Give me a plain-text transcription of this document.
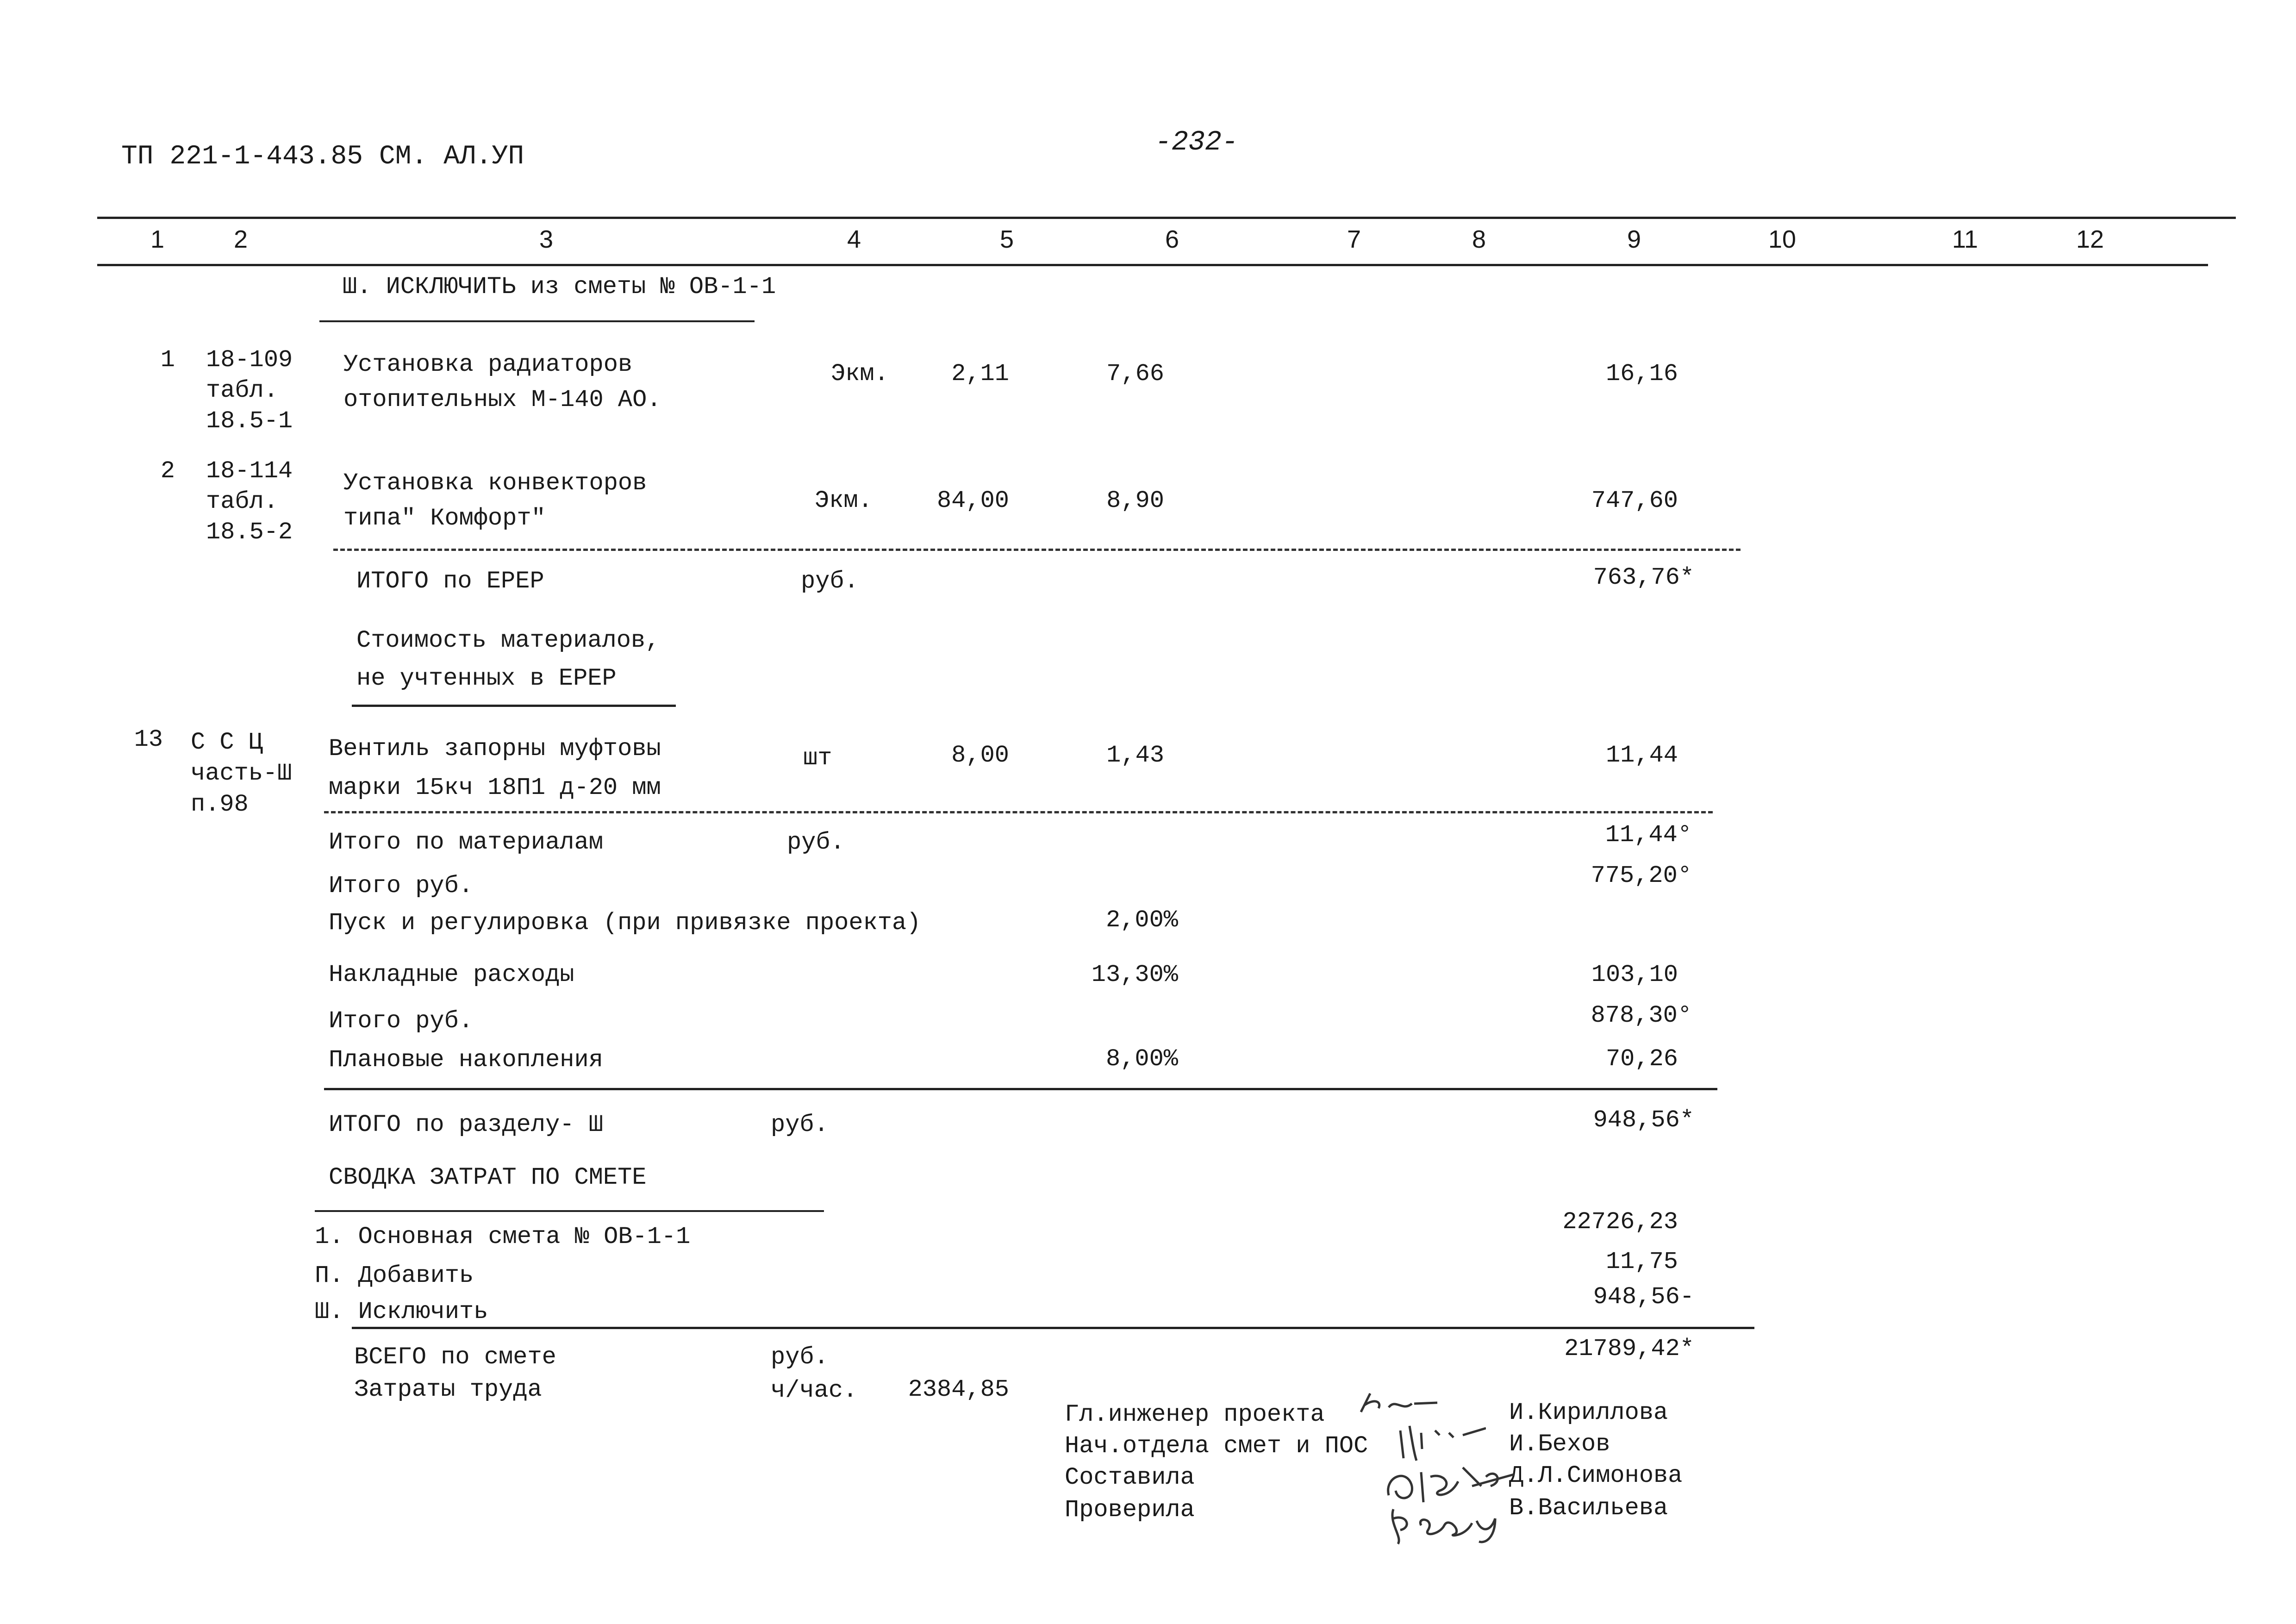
ТП 221-1-443.85 СМ. АЛ.УП	-232-
1	2	3	4	5	6	7	8	9	10	11	12
Ш. ИСКЛЮЧИТЬ из сметы № ОВ-1-1
1 18-109
табл.
18.5-1
Установка радиаторов
отопительных М-140 АО.
Экм.	2,11	7,66	16,16
2 18-114
табл.
18.5-2
Установка конвекторов
типа" Комфорт"
Экм.	84,00	8,90	747,60
ИТОГО по ЕРЕР	руб.	763,76*
Стоимость материалов,
не учтенных в ЕРЕР
13 С С Ц
часть-Ш
п.98
Вентиль запорны муфтовы
марки 15кч 18П1 д-20 мм
шт	8,00	1,43	11,44
Итого по материалам	руб.	11,44°
Итого руб.	775,20°
Пуск и регулировка (при привязке проекта)	2,00%
Накладные расходы	13,30%	103,10
Итого руб.	878,30°
Плановые накопления	8,00%	70,26
ИТОГО по разделу- Ш	руб.	948,56*
СВОДКА ЗАТРАТ ПО СМЕТЕ
1. Основная смета № ОВ-1-1
22726,23
П. Добавить
11,75
Ш. Исключить
948,56-
ВСЕГО по смете	руб.	21789,42*
Затраты труда	ч/час. 2384,85
Гл.инженер проекта	И.Кириллова
Нач.отдела смет и ПОС	И.Бехов
Составила	Д.Л.Симонова
Проверила	В.Васильева
